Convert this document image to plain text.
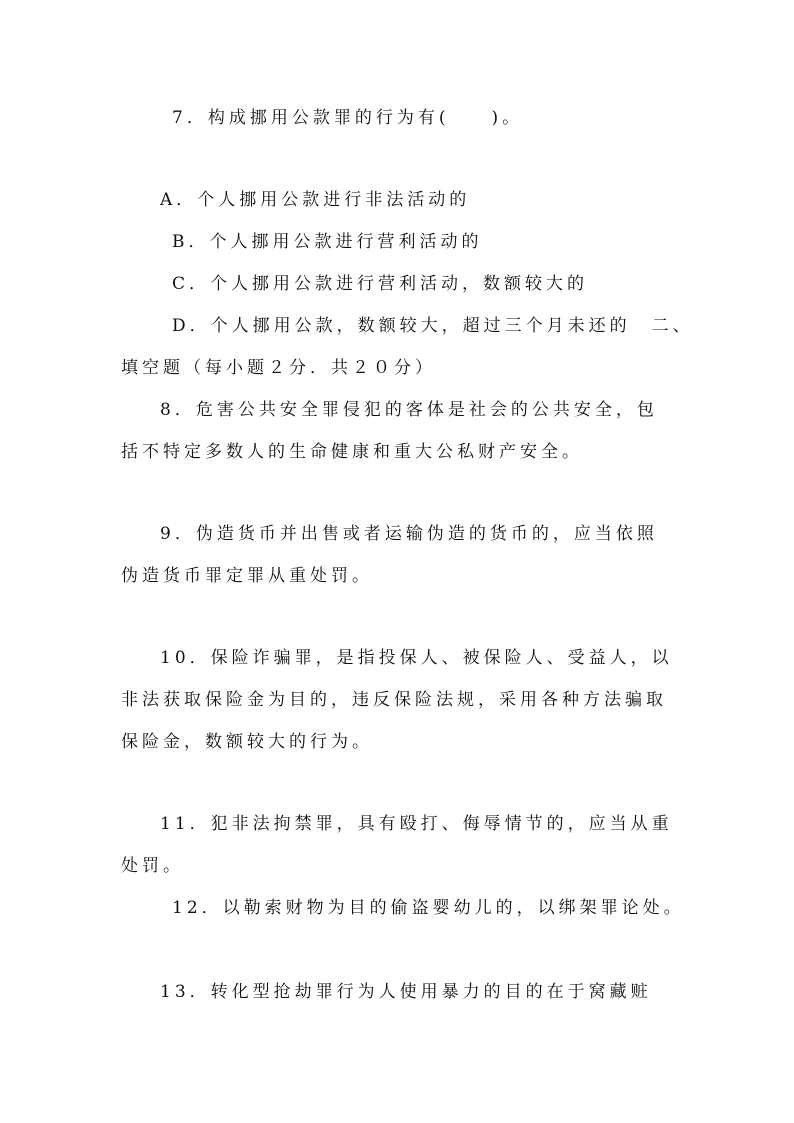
7．构成挪用公款罪的行为有(　　)。
A．个人挪用公款进行非法活动的
B．个人挪用公款进行营利活动的
C．个人挪用公款进行营利活动，数额较大的
D．个人挪用公款，数额较大，超过三个月未还的　二、
填空题（每小题２分．共２０分）
8．危害公共安全罪侵犯的客体是社会的公共安全，包
括不特定多数人的生命健康和重大公私财产安全。
9．伪造货币并出售或者运输伪造的货币的，应当依照
伪造货币罪定罪从重处罚。
10．保险诈骗罪，是指投保人、被保险人、受益人，以
非法获取保险金为目的，违反保险法规，采用各种方法骗取
保险金，数额较大的行为。
11．犯非法拘禁罪，具有殴打、侮辱情节的，应当从重
处罚。
12．以勒索财物为目的偷盗婴幼儿的，以绑架罪论处。
13．转化型抢劫罪行为人使用暴力的目的在于窝藏赃
